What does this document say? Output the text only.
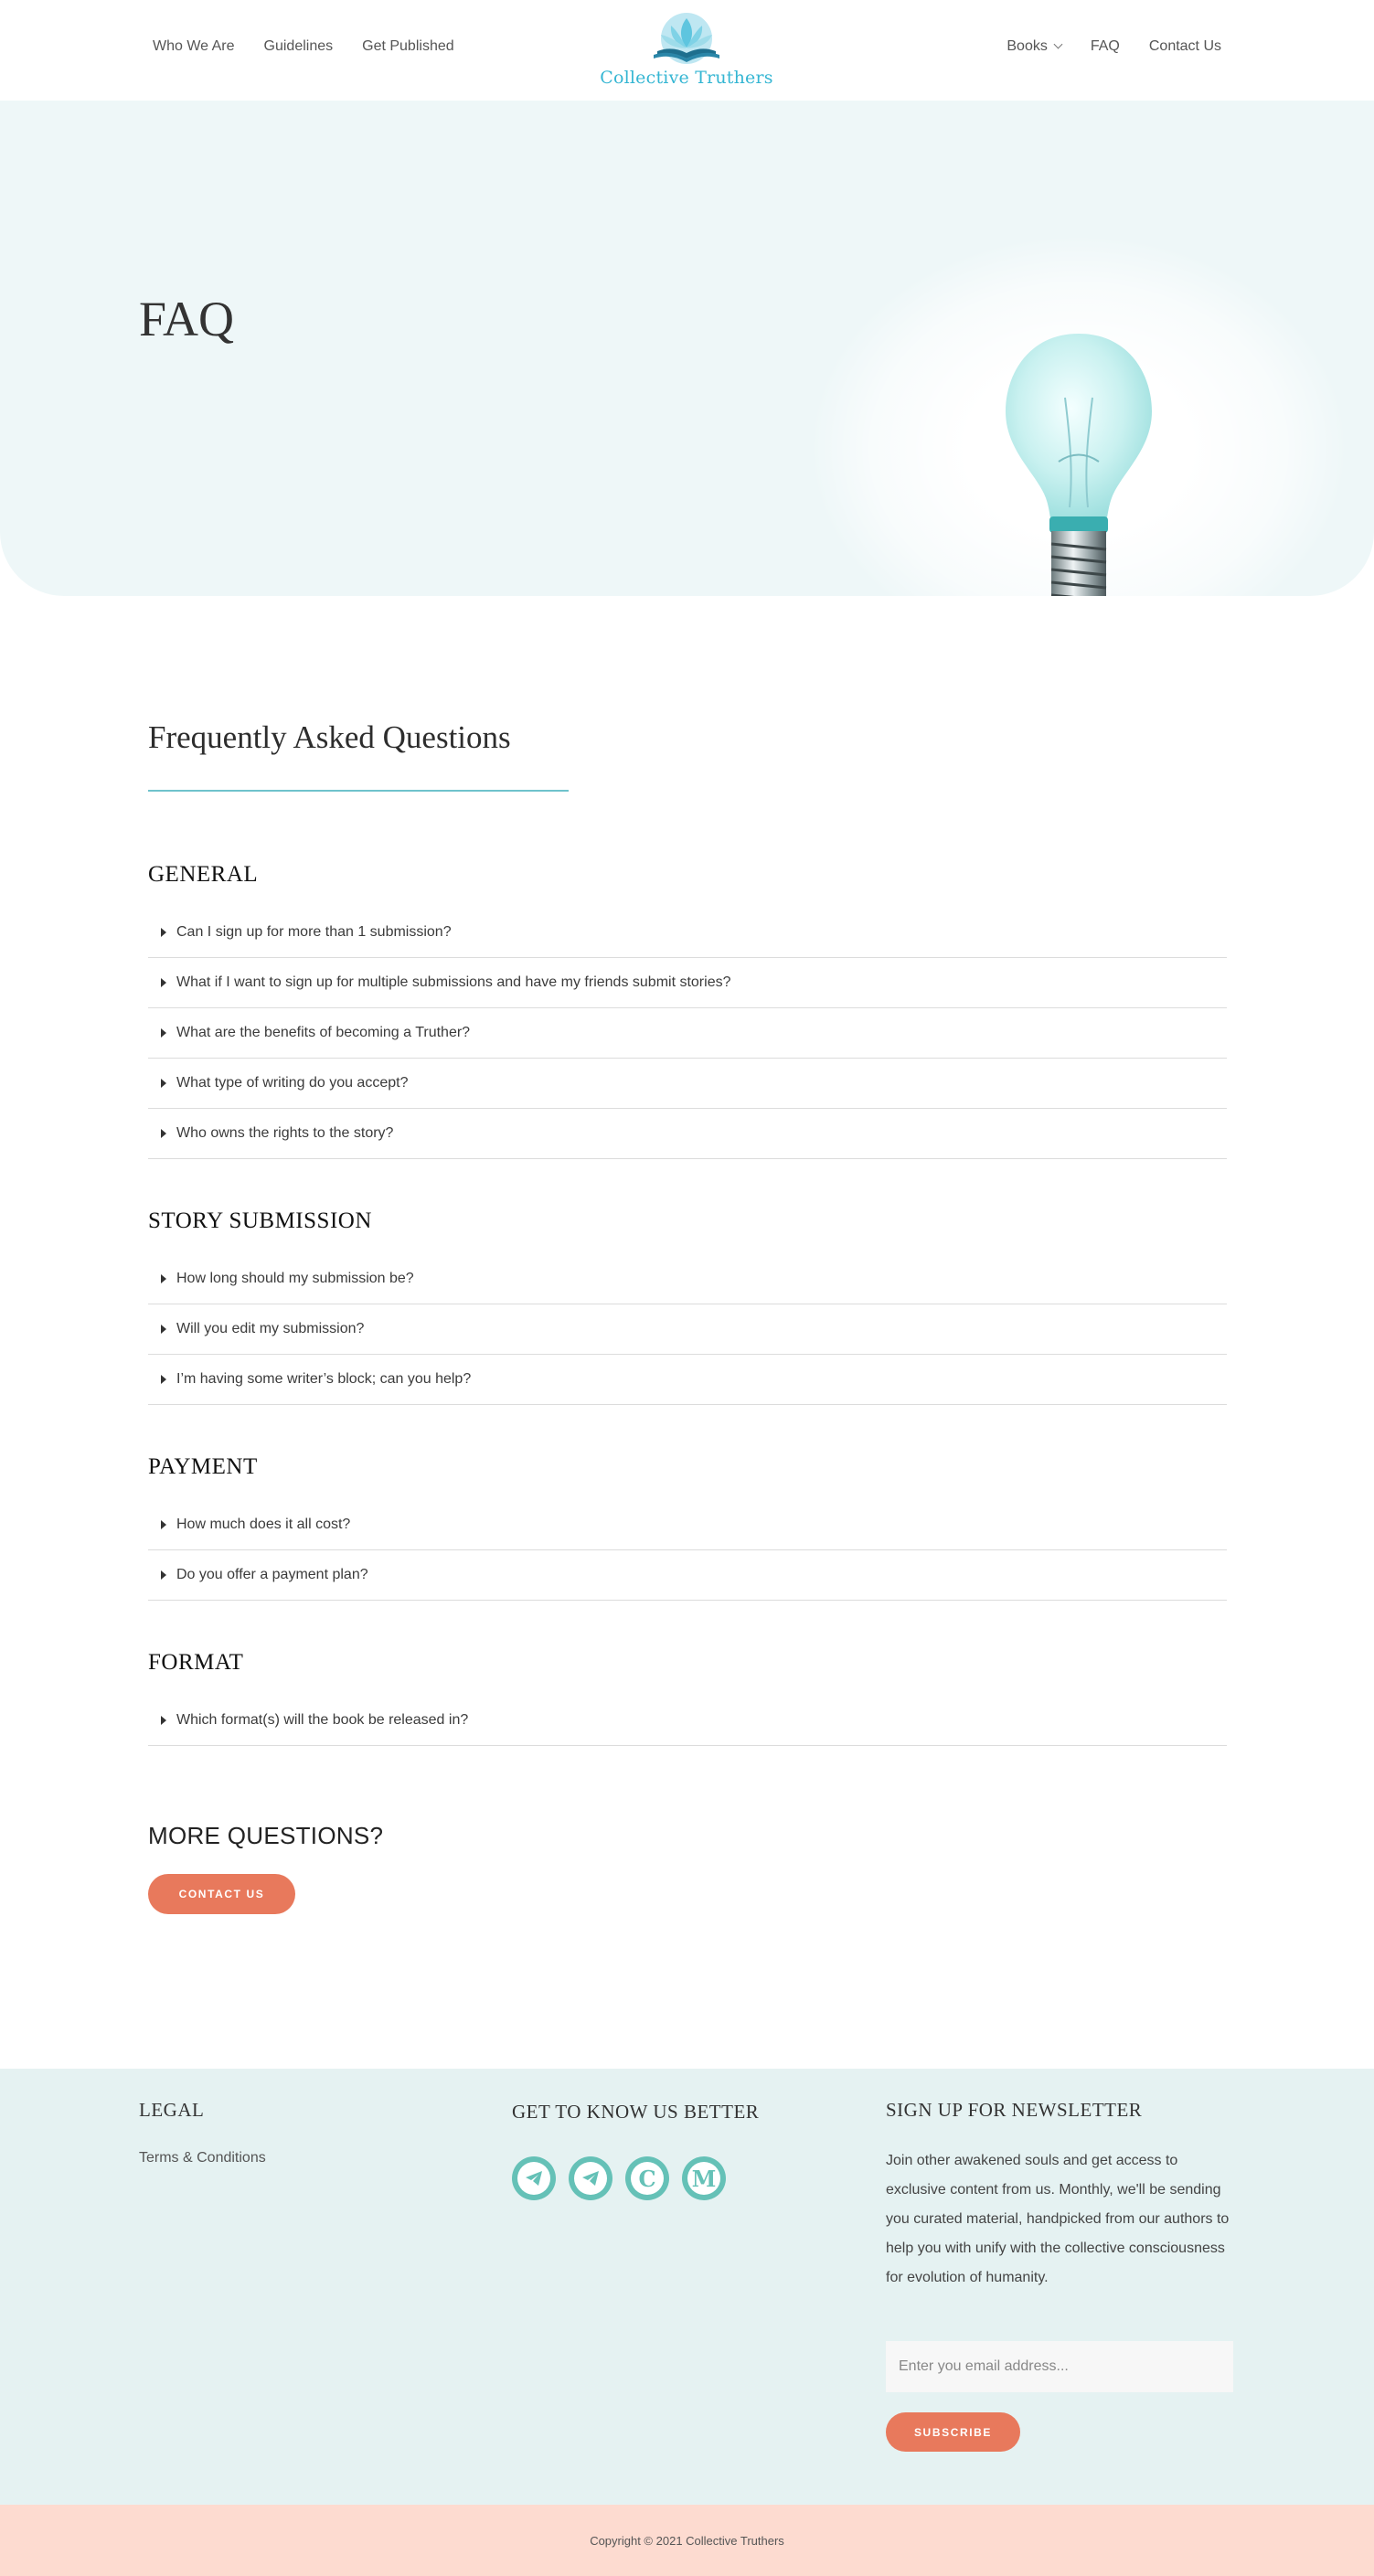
Who We Are Guidelines Get Published
Collective Truthers
Books	FAQ Contact Us
FAQ
Frequently Asked Questions
GENERAL
Can I sign up for more than 1 submission?
What if I want to sign up for multiple submissions and have my friends submit stories?
What are the benefits of becoming a Truther?
What type of writing do you accept?
Who owns the rights to the story?
STORY SUBMISSION
How long should my submission be?
Will you edit my submission?
I’m having some writer’s block; can you help?
PAYMENT
How much does it all cost?
Do you offer a payment plan?
FORMAT
Which format(s) will the book be released in?
MORE QUESTIONS?
CONTACT US
LEGAL
Terms & Conditions
GET TO KNOW US BETTER
C	M
SIGN UP FOR NEWSLETTER

Join other awakened souls and get access to exclusive content from us. Monthly, we'll be sending you curated material, handpicked from our authors to help you with unify with the collective consciousness for evolution of humanity.

Enter you email address...
SUBSCRIBE
Copyright © 2021 Collective Truthers
